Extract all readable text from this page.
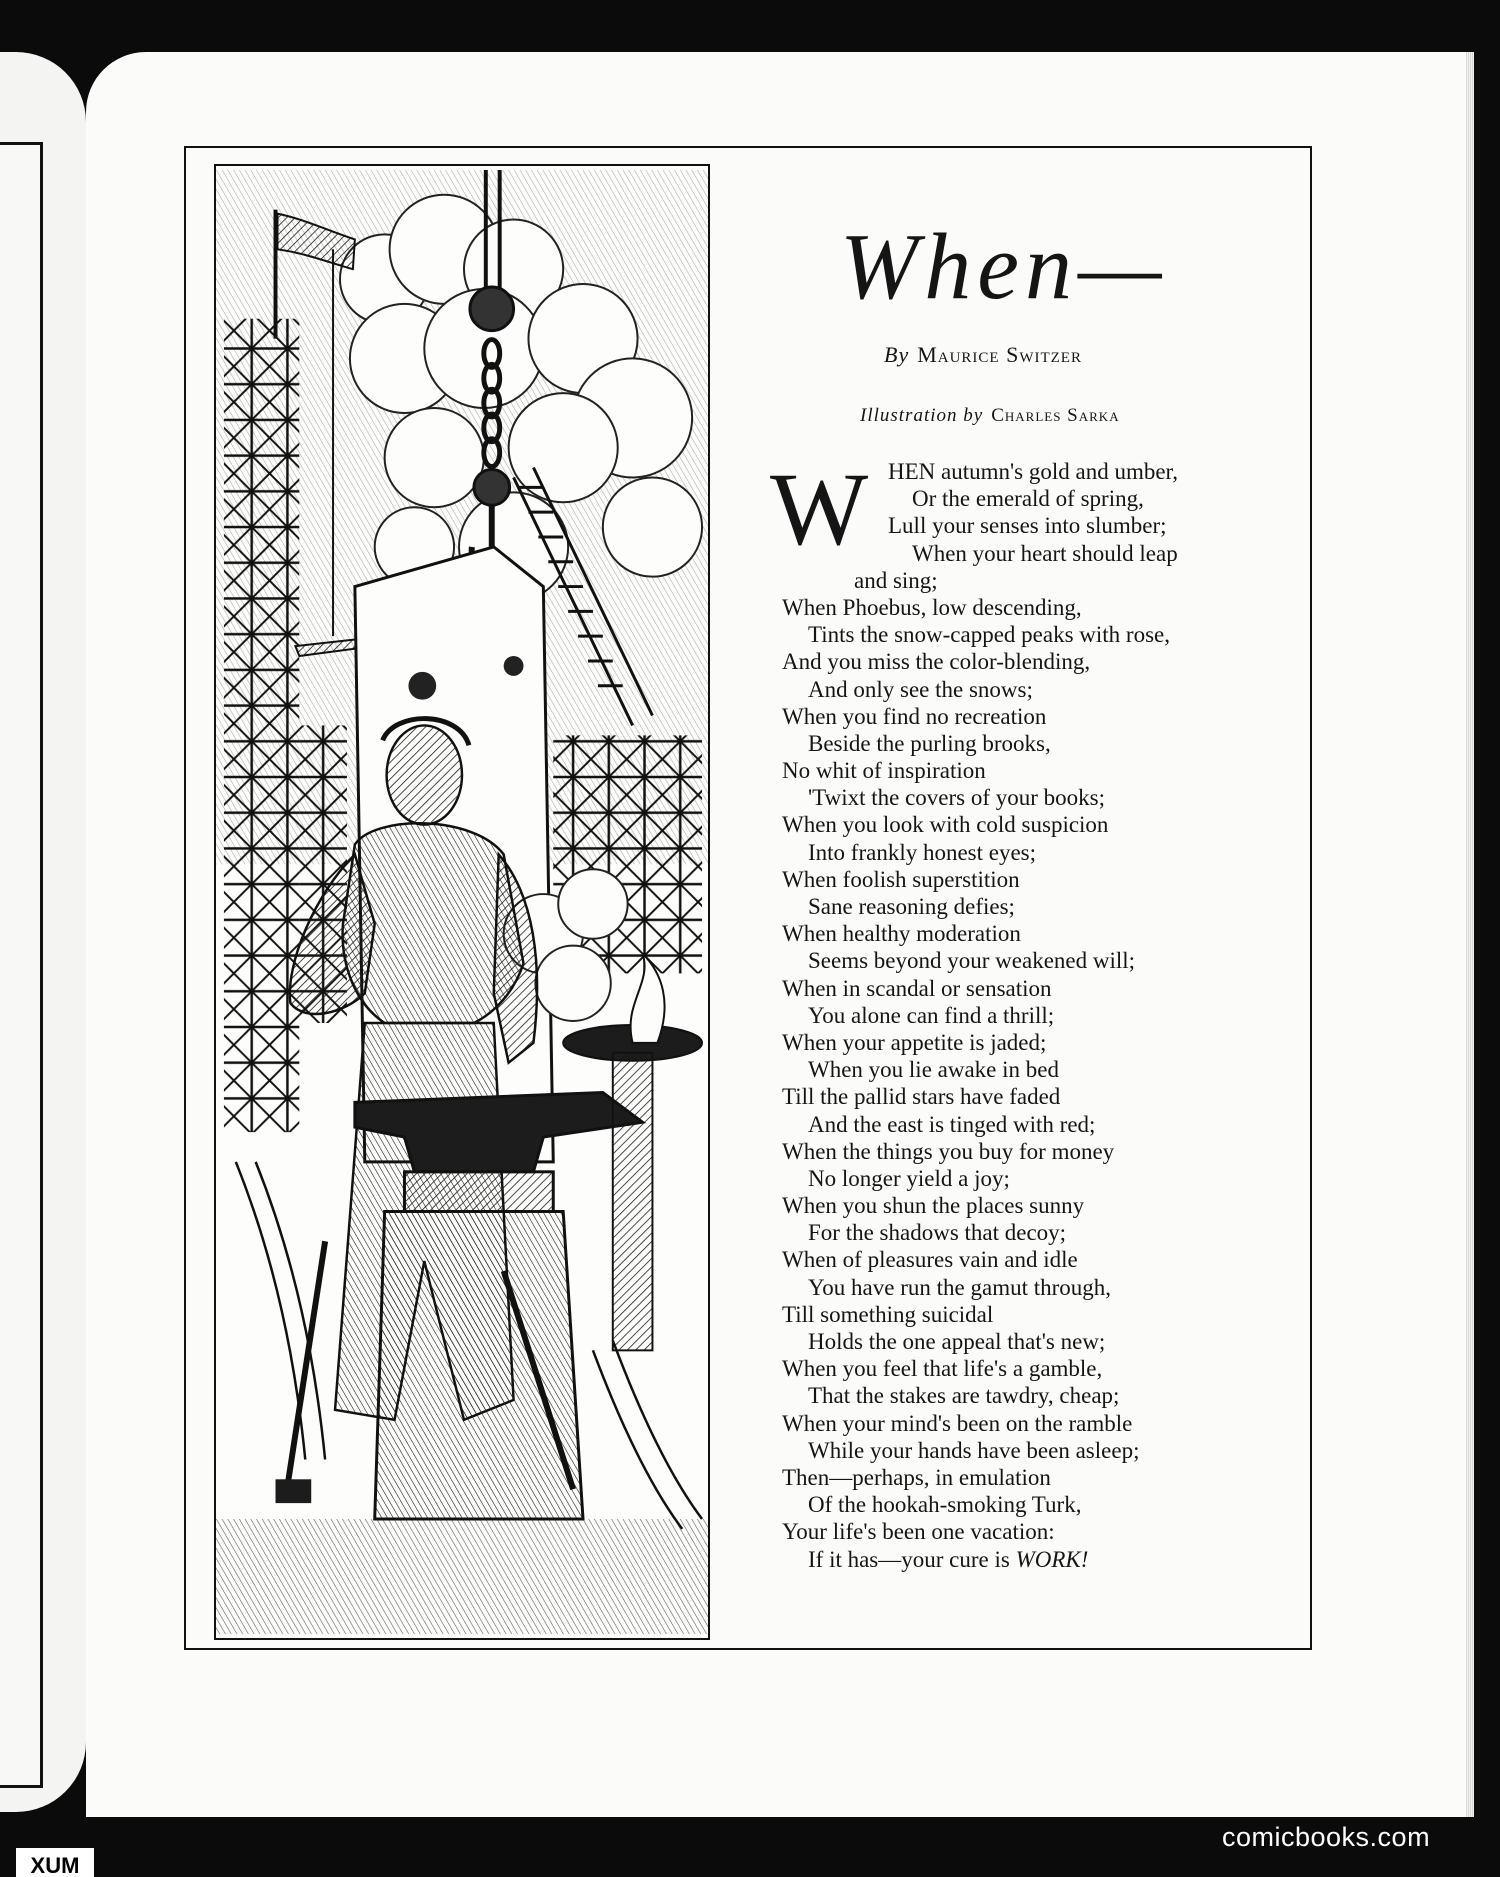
When—
By Maurice Switzer
Illustration by Charles Sarka
W HEN autumn's gold and umber,
Or the emerald of spring,
Lull your senses into slumber;
When your heart should leap
and sing;
When Phoebus, low descending,
Tints the snow-capped peaks with rose,
And you miss the color-blending,
And only see the snows;
When you find no recreation
Beside the purling brooks,
No whit of inspiration
'Twixt the covers of your books;
When you look with cold suspicion
Into frankly honest eyes;
When foolish superstition
Sane reasoning defies;
When healthy moderation
Seems beyond your weakened will;
When in scandal or sensation
You alone can find a thrill;
When your appetite is jaded;
When you lie awake in bed
Till the pallid stars have faded
And the east is tinged with red;
When the things you buy for money
No longer yield a joy;
When you shun the places sunny
For the shadows that decoy;
When of pleasures vain and idle
You have run the gamut through,
Till something suicidal
Holds the one appeal that's new;
When you feel that life's a gamble,
That the stakes are tawdry, cheap;
When your mind's been on the ramble
While your hands have been asleep;
Then—perhaps, in emulation
Of the hookah-smoking Turk,
Your life's been one vacation:
If it has—your cure is WORK!
comicbooks.com
XUM
